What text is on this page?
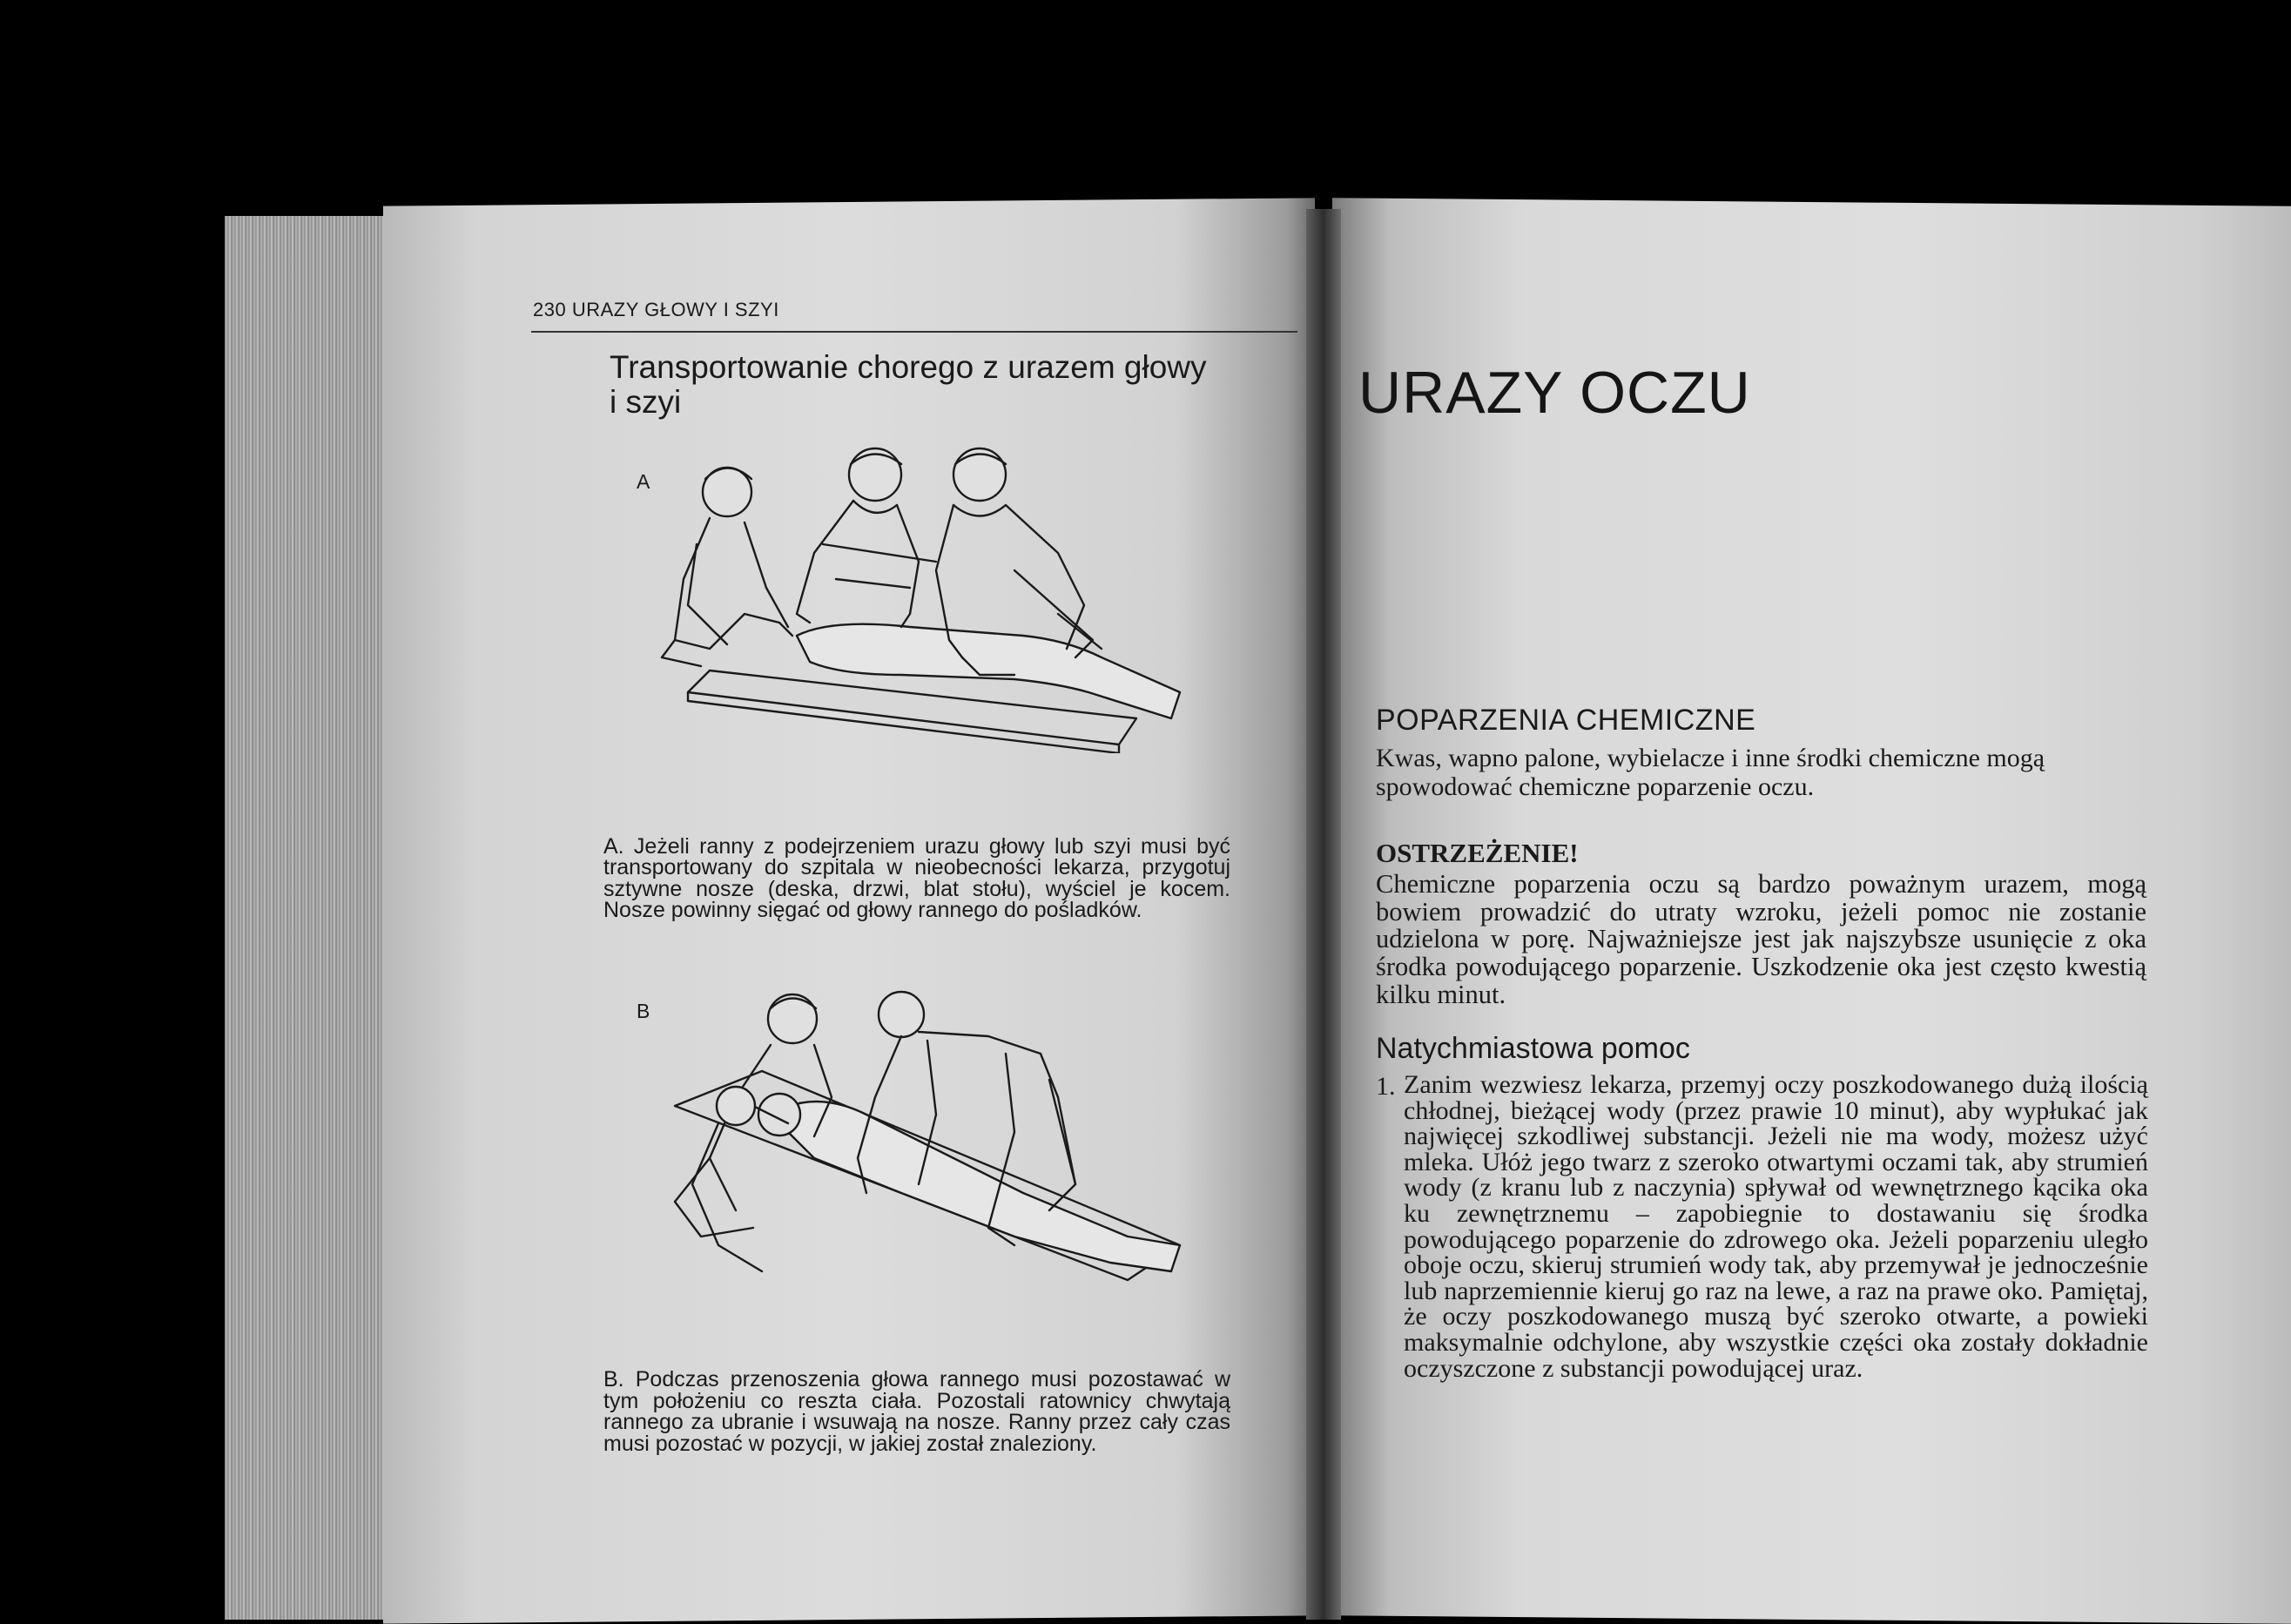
230 URAZY GŁOWY I SZYI
Transportowanie chorego z urazem głowy i szyi
A
A. Jeżeli ranny z podejrzeniem urazu głowy lub szyi musi być transportowany do szpitala w nieobecności lekarza, przygotuj sztywne nosze (deska, drzwi, blat stołu), wyściel je kocem. Nosze powinny sięgać od głowy rannego do pośladków.
B
B. Podczas przenoszenia głowa rannego musi pozostawać w tym położeniu co reszta ciała. Pozostali ratownicy chwytają rannego za ubranie i wsuwają na nosze. Ranny przez cały czas musi pozostać w pozycji, w jakiej został znaleziony.
URAZY OCZU
POPARZENIA CHEMICZNE
Kwas, wapno palone, wybielacze i inne środki chemiczne mogą spowodować chemiczne poparzenie oczu.
OSTRZEŻENIE!
Chemiczne poparzenia oczu są bardzo poważnym urazem, mogą bowiem prowadzić do utraty wzroku, jeżeli pomoc nie zostanie udzielona w porę. Najważniejsze jest jak najszybsze usunięcie z oka środka powodującego poparzenie. Uszkodzenie oka jest często kwestią kilku minut.
Natychmiastowa pomoc
1. Zanim wezwiesz lekarza, przemyj oczy poszkodowanego dużą ilością chłodnej, bieżącej wody (przez prawie 10 minut), aby wypłukać jak najwięcej szkodliwej substancji. Jeżeli nie ma wody, możesz użyć mleka. Ułóż jego twarz z szeroko otwartymi oczami tak, aby strumień wody (z kranu lub z naczynia) spływał od wewnętrznego kącika oka ku zewnętrznemu – zapobiegnie to dostawaniu się środka powodującego poparzenie do zdrowego oka. Jeżeli poparzeniu uległo oboje oczu, skieruj strumień wody tak, aby przemywał je jednocześnie lub naprzemiennie kieruj go raz na lewe, a raz na prawe oko. Pamiętaj, że oczy poszkodowanego muszą być szeroko otwarte, a powieki maksymalnie odchylone, aby wszystkie części oka zostały dokładnie oczyszczone z substancji powodującej uraz.
